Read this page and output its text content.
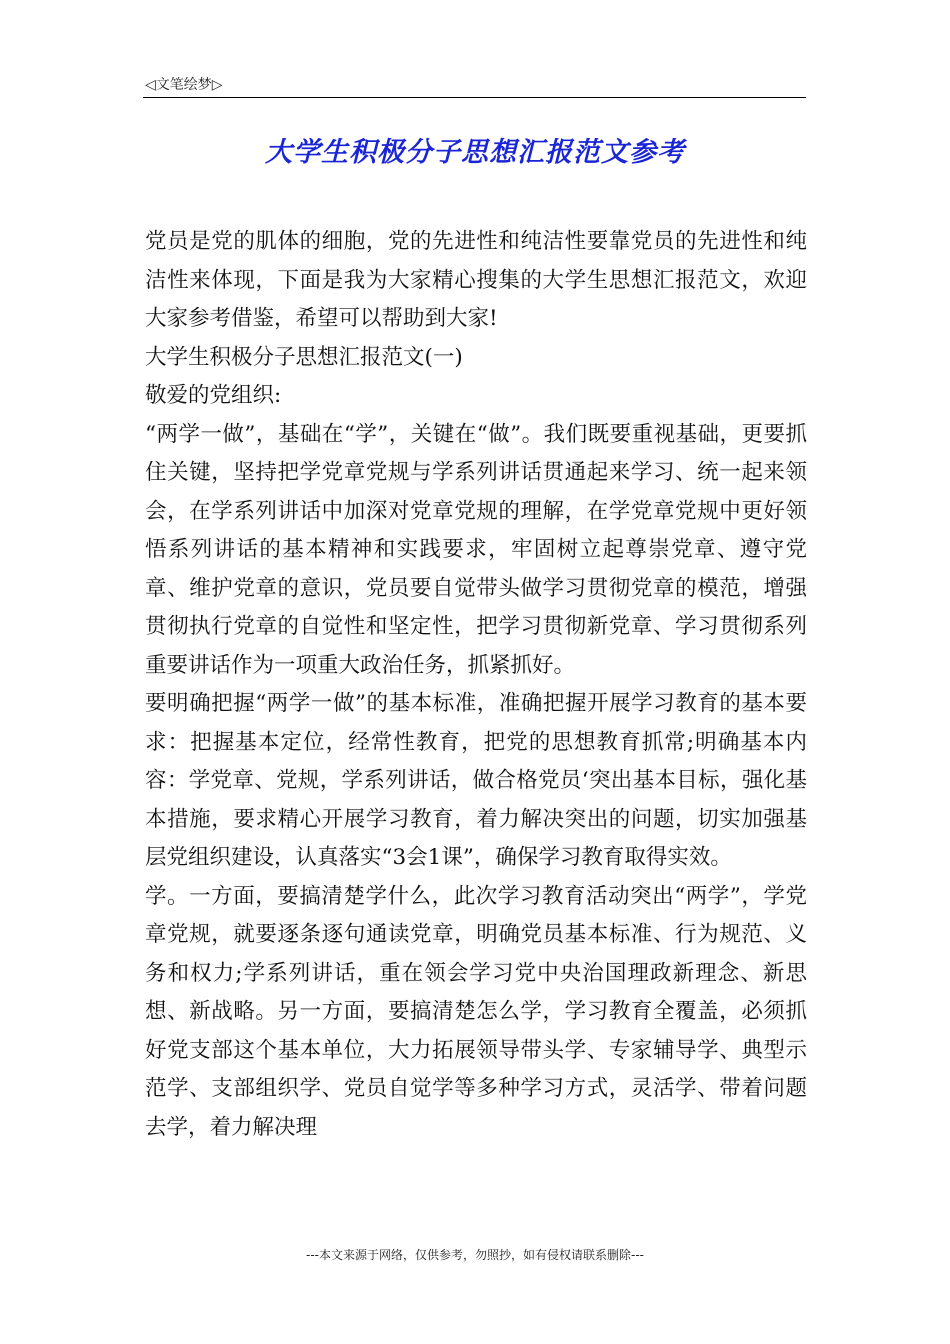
◁文笔绘梦▷
大学生积极分子思想汇报范文参考

党员是党的肌体的细胞，党的先进性和纯洁性要靠党员的先进性和纯洁性来体现，下面是我为大家精心搜集的大学生思想汇报范文，欢迎大家参考借鉴，希望可以帮助到大家!

大学生积极分子思想汇报范文(一)

敬爱的党组织:

“两学一做”，基础在“学”，关键在“做”。我们既要重视基础，更要抓住关键，坚持把学党章党规与学系列讲话贯通起来学习、统一起来领会，在学系列讲话中加深对党章党规的理解，在学党章党规中更好领悟系列讲话的基本精神和实践要求，牢固树立起尊崇党章、遵守党章、维护党章的意识，党员要自觉带头做学习贯彻党章的模范，增强贯彻执行党章的自觉性和坚定性，把学习贯彻新党章、学习贯彻系列重要讲话作为一项重大政治任务，抓紧抓好。

要明确把握“两学一做”的基本标准，准确把握开展学习教育的基本要求：把握基本定位，经常性教育，把党的思想教育抓常;明确基本内容：学党章、党规，学系列讲话，做合格党员‘突出基本目标，强化基本措施，要求精心开展学习教育，着力解决突出的问题，切实加强基层党组织建设，认真落实“3会1课”，确保学习教育取得实效。

学。一方面，要搞清楚学什么，此次学习教育活动突出“两学”，学党章党规，就要逐条逐句通读党章，明确党员基本标准、行为规范、义务和权力;学系列讲话，重在领会学习党中央治国理政新理念、新思想、新战略。另一方面，要搞清楚怎么学，学习教育全覆盖，必须抓好党支部这个基本单位，大力拓展领导带头学、专家辅导学、典型示范学、支部组织学、党员自觉学等多种学习方式，灵活学、带着问题去学，着力解决理

---本文来源于网络，仅供参考，勿照抄，如有侵权请联系删除---
